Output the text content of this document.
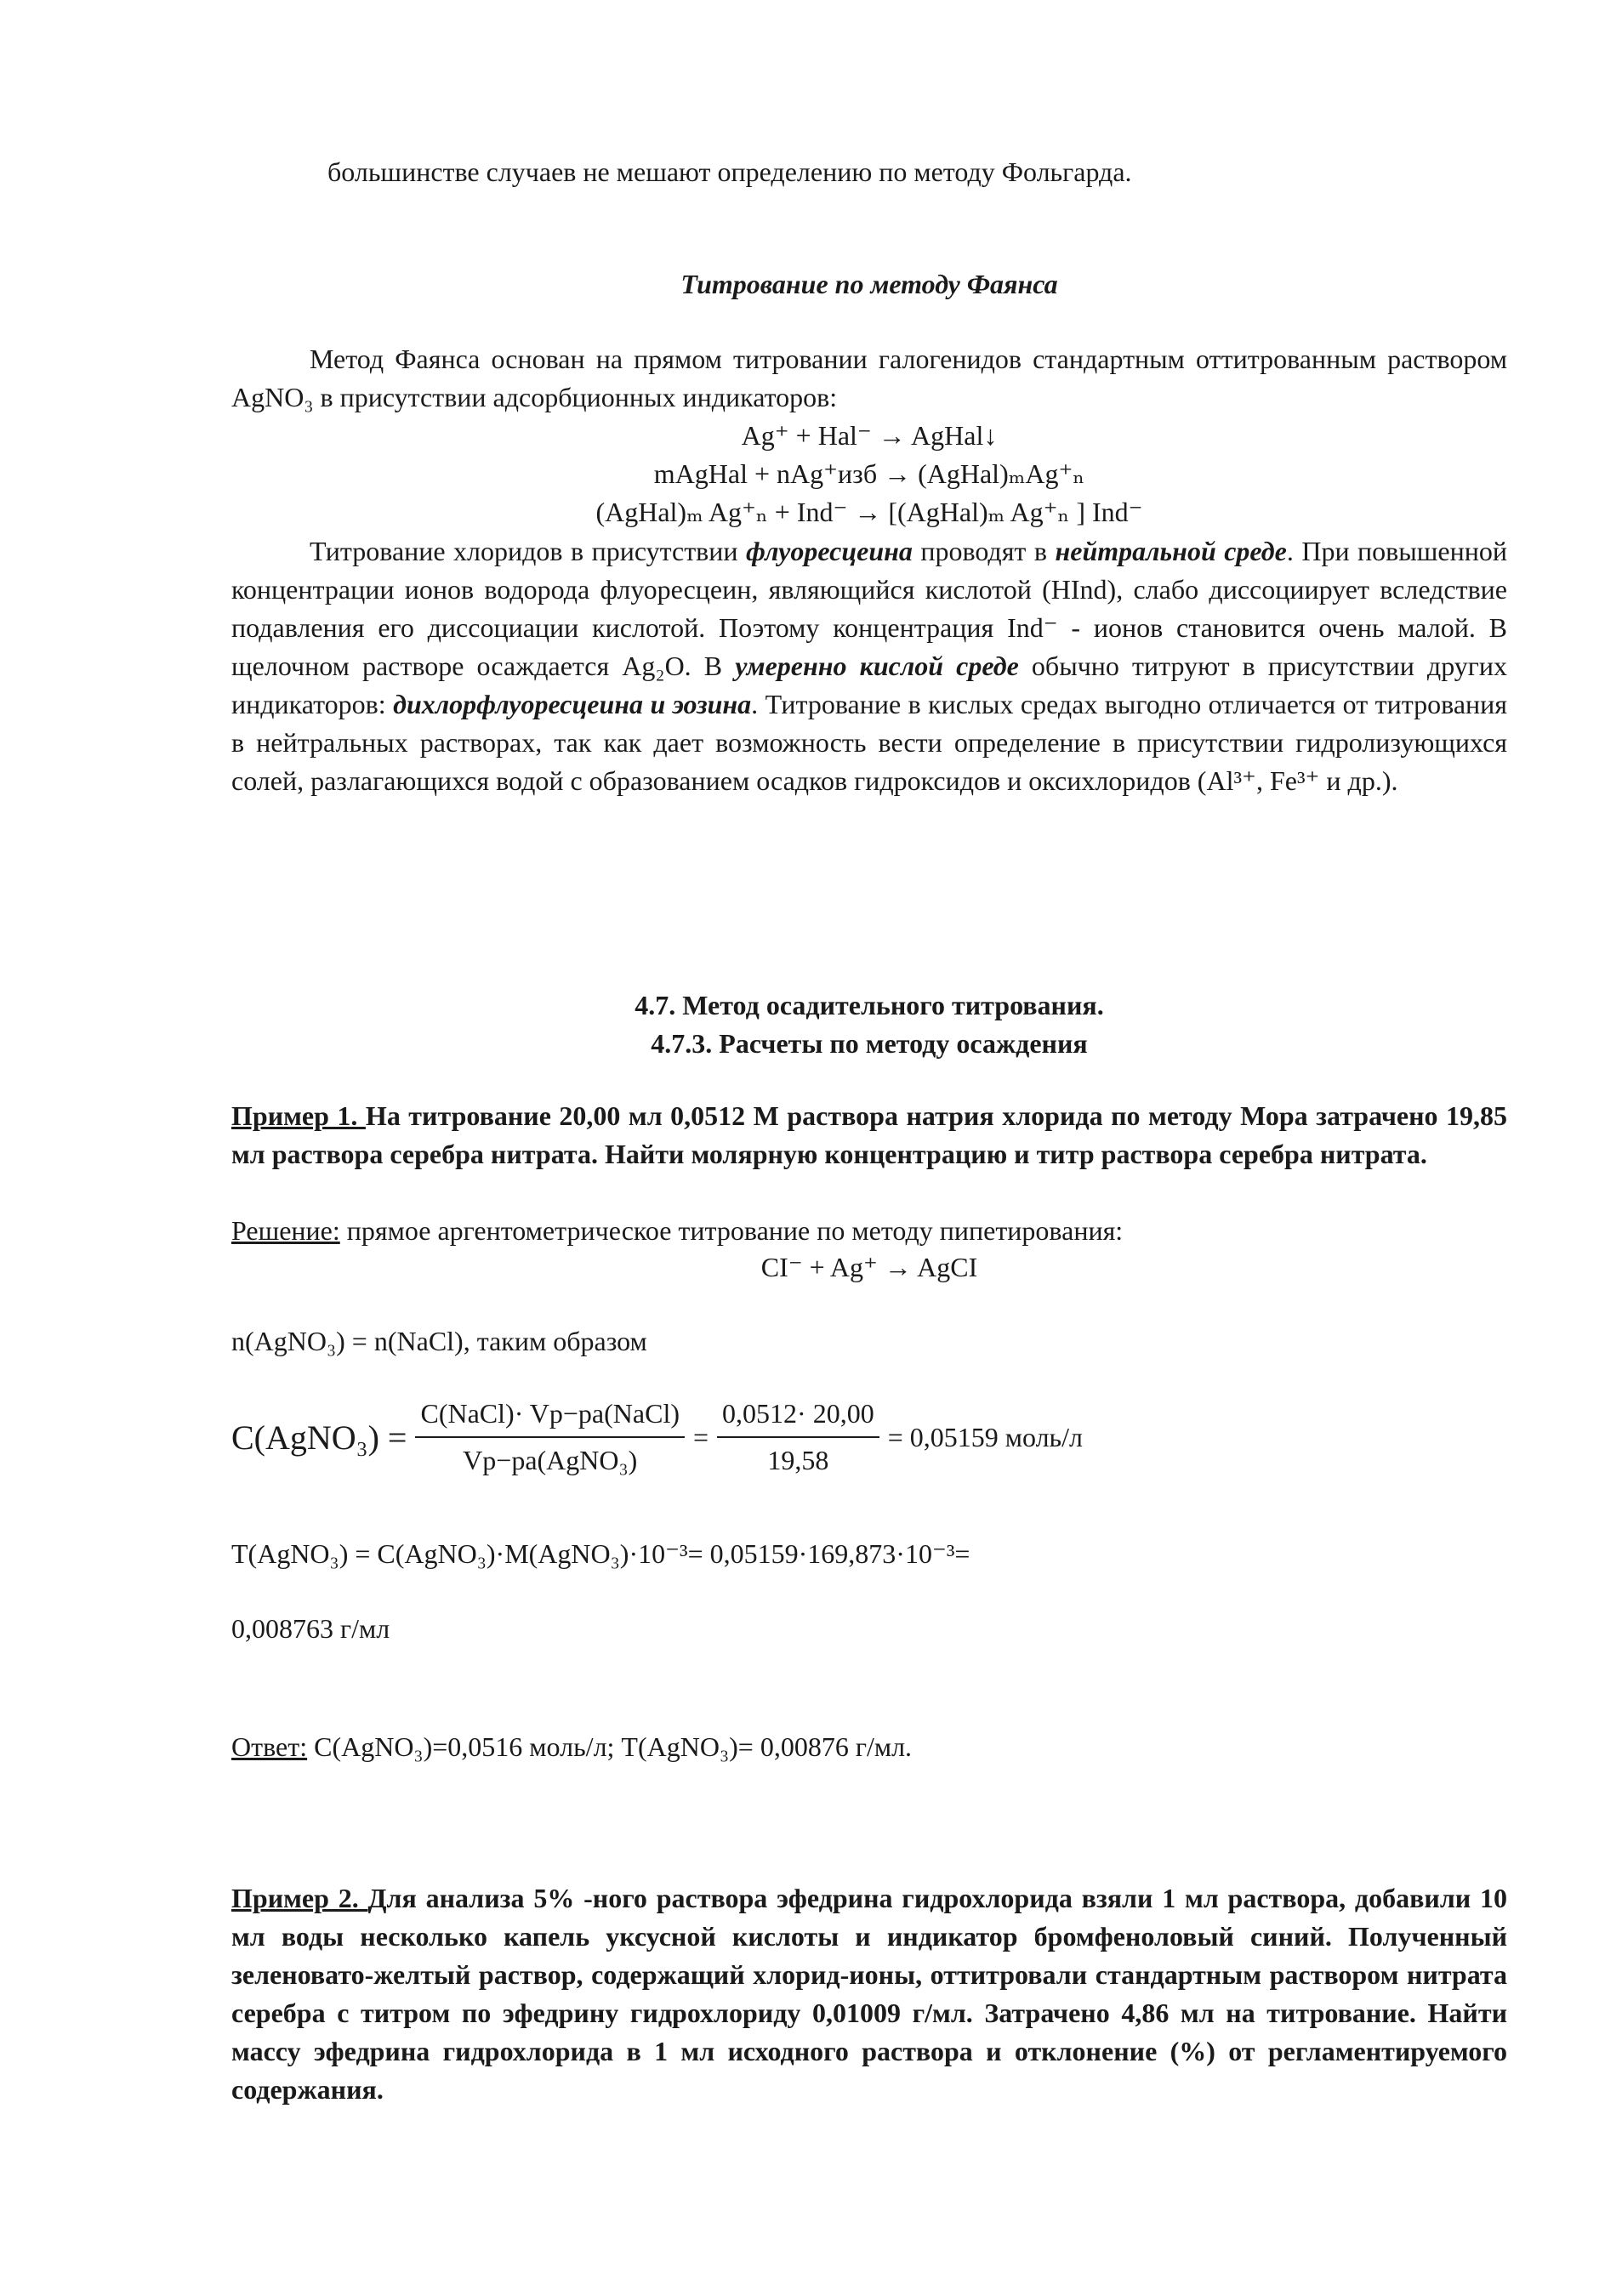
большинстве случаев не мешают определению по методу Фольгарда.

Титрование по методу Фаянса

Метод Фаянса основан на прямом титровании галогенидов стандартным оттитрованным раствором AgNO₃ в присутствии адсорбционных индикаторов:

Ag⁺ + Hal⁻ → AgHal↓

mAgHal + nAg⁺изб → (AgHal)ₘAg⁺ₙ

(AgHal)ₘ Ag⁺ₙ + Ind⁻ → [(AgHal)ₘ Ag⁺ₙ ] Ind⁻

Титрование хлоридов в присутствии флуоресцеина проводят в нейтральной среде. При повышенной концентрации ионов водорода флуоресцеин, являющийся кислотой (HInd), слабо диссоциирует вследствие подавления его диссоциации кислотой. Поэтому концентрация Ind⁻ - ионов становится очень малой. В щелочном растворе осаждается Ag₂O. В умеренно кислой среде обычно титруют в присутствии других индикаторов: дихлорфлуоресцеина и эозина. Титрование в кислых средах выгодно отличается от титрования в нейтральных растворах, так как дает возможность вести определение в присутствии гидролизующихся солей, разлагающихся водой с образованием осадков гидроксидов и оксихлоридов (Al³⁺, Fe³⁺ и др.).

4.7. Метод осадительного титрования.

4.7.3. Расчеты по методу осаждения

Пример 1. На титрование 20,00 мл 0,0512 М раствора натрия хлорида по методу Мора затрачено 19,85 мл раствора серебра нитрата. Найти молярную концентрацию и титр раствора серебра нитрата.

Решение: прямое аргентометрическое титрование по методу пипетирования:

CI⁻ + Ag⁺ → AgCI

n(AgNO₃) = n(NaCl), таким образом

C(AgNO₃) = $\frac{\text{C(NaCl)· Vр−ра(NaCl)}}{\text{Vр−ра(AgNO₃)}} = \frac{0,0512\cdot 20,00}{19,58} = 0,05159$ моль/л

T(AgNO₃) = C(AgNO₃)·M(AgNO₃)·10⁻³= 0,05159·169,873·10⁻³=

0,008763 г/мл

Ответ: C(AgNO₃)=0,0516 моль/л; T(AgNO₃)= 0,00876 г/мл.

Пример 2. Для анализа 5% -ного раствора эфедрина гидрохлорида взяли 1 мл раствора, добавили 10 мл воды несколько капель уксусной кислоты и индикатор бромфеноловый синий. Полученный зеленовато-желтый раствор, содержащий хлорид-ионы, оттитровали стандартным раствором нитрата серебра с титром по эфедрину гидрохлориду 0,01009 г/мл. Затрачено 4,86 мл на титрование. Найти массу эфедрина гидрохлорида в 1 мл исходного раствора и отклонение (%) от регламентируемого содержания.
